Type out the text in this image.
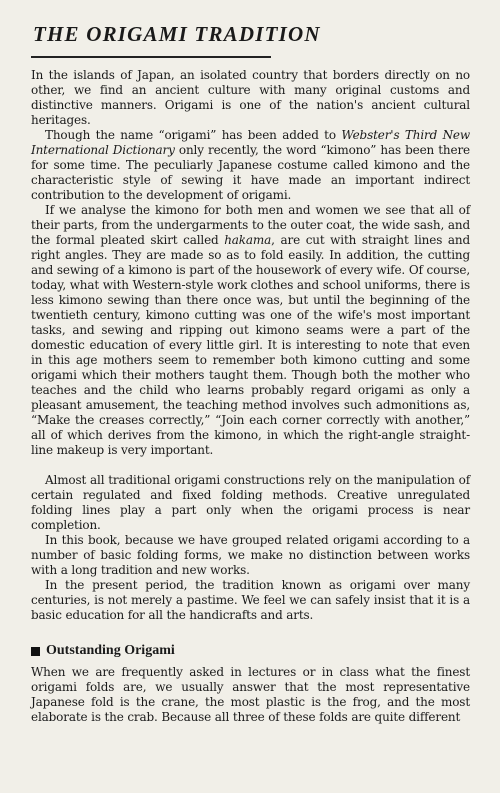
THE ORIGAMI TRADITION

In the islands of Japan, an isolated country that borders directly on no other, we find an ancient culture with many original customs and distinctive manners. Origami is one of the nation's ancient cultural heritages.

Though the name “origami” has been added to Webster's Third New International Dictionary only recently, the word “kimono” has been there for some time. The peculiarly Japanese costume called kimono and the characteristic style of sewing it have made an important indirect contribution to the development of origami.

If we analyse the kimono for both men and women we see that all of their parts, from the undergarments to the outer coat, the wide sash, and the formal pleated skirt called hakama, are cut with straight lines and right angles. They are made so as to fold easily. In addition, the cutting and sewing of a kimono is part of the housework of every wife. Of course, today, what with Western-style work clothes and school uniforms, there is less kimono sewing than there once was, but until the beginning of the twentieth century, kimono cutting was one of the wife's most important tasks, and sewing and ripping out kimono seams were a part of the domestic education of every little girl. It is interesting to note that even in this age mothers seem to remember both kimono cutting and some origami which their mothers taught them. Though both the mother who teaches and the child who learns probably regard origami as only a pleasant amusement, the teaching method involves such admonitions as, “Make the creases correctly,” “Join each corner correctly with another,” all of which derives from the kimono, in which the right-angle straight-line makeup is very important.

Almost all traditional origami constructions rely on the manipulation of certain regulated and fixed folding methods. Creative unregulated folding lines play a part only when the origami process is near completion.

In this book, because we have grouped related origami according to a number of basic folding forms, we make no distinction between works with a long tradition and new works.

In the present period, the tradition known as origami over many centuries, is not merely a pastime. We feel we can safely insist that it is a basic education for all the handicrafts and arts.

Outstanding Origami

When we are frequently asked in lectures or in class what the finest origami folds are, we usually answer that the most representative Japanese fold is the crane, the most plastic is the frog, and the most elaborate is the crab. Because all three of these folds are quite different
